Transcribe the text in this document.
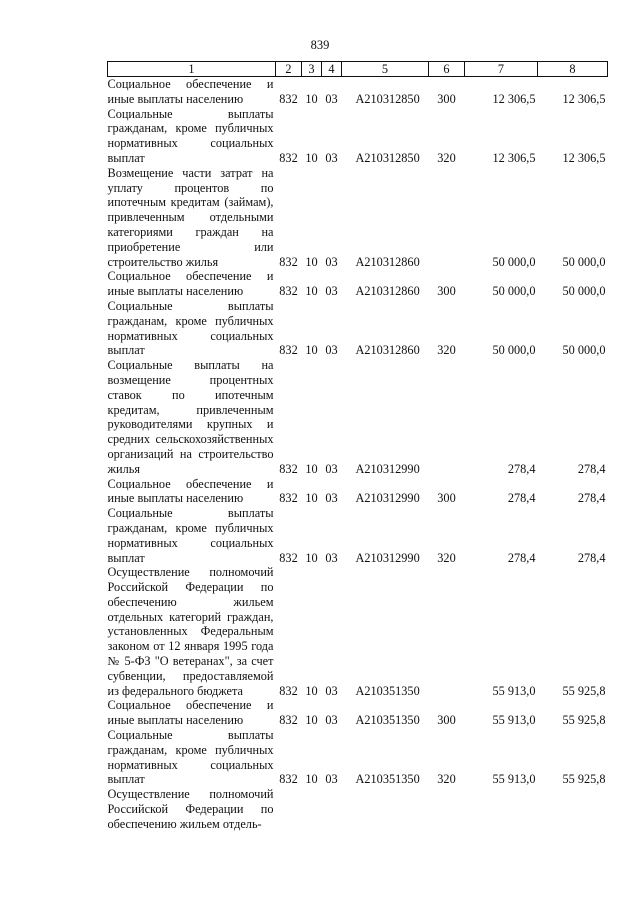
839
1	2	3	4	5	6	7	8
Социальное обеспечение и иные выплаты населению	832	10	03	А210312850	300	12 306,5	12 306,5
Социальные выплаты гражданам, кроме публичных нормативных социальных выплат	832	10	03	А210312850	320	12 306,5	12 306,5
Возмещение части затрат на уплату процентов по ипотечным кредитам (займам), привлеченным отдельными категориями граждан на приобретение или строительство жилья	832	10	03	А210312860		50 000,0	50 000,0
Социальное обеспечение и иные выплаты населению	832	10	03	А210312860	300	50 000,0	50 000,0
Социальные выплаты гражданам, кроме публичных нормативных социальных выплат	832	10	03	А210312860	320	50 000,0	50 000,0
Социальные выплаты на возмещение процентных ставок по ипотечным кредитам, привлеченным руководителями крупных и средних сельскохозяйственных организаций на строительство жилья	832	10	03	А210312990		278,4	278,4
Социальное обеспечение и иные выплаты населению	832	10	03	А210312990	300	278,4	278,4
Социальные выплаты гражданам, кроме публичных нормативных социальных выплат	832	10	03	А210312990	320	278,4	278,4
Осуществление полномочий Российской Федерации по обеспечению жильем отдельных категорий граждан, установленных Федеральным законом от 12 января 1995 года № 5-ФЗ "О ветеранах", за счет субвенции, предоставляемой из федерального бюджета	832	10	03	А210351350		55 913,0	55 925,8
Социальное обеспечение и иные выплаты населению	832	10	03	А210351350	300	55 913,0	55 925,8
Социальные выплаты гражданам, кроме публичных нормативных социальных выплат	832	10	03	А210351350	320	55 913,0	55 925,8
Осуществление полномочий Российской Федерации по обеспечению жильем отдель-							
